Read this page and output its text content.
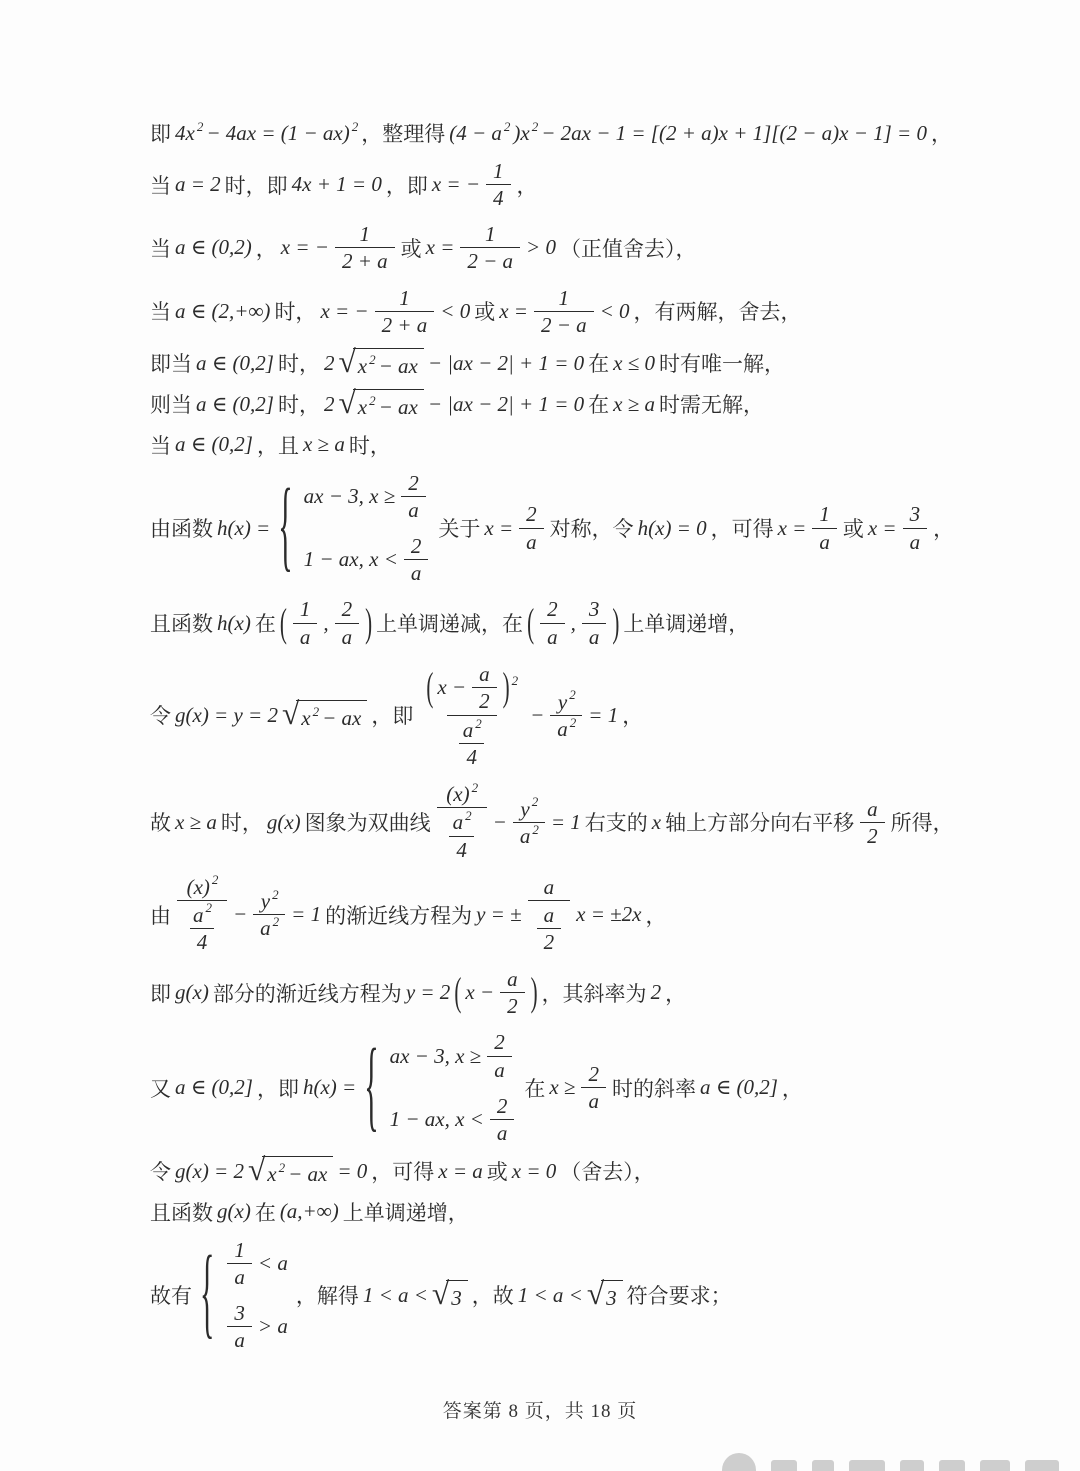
即 4x 2 − 4ax = (1 − ax) 2 ，整理得 (4 − a 2 )x 2 − 2ax − 1 = [(2 + a)x + 1][(2 − a)x − 1] = 0 ，
当 a = 2 时，即 4x + 1 = 0 ，即 x = − $\frac{1}{4}$ ，
当 a ∈ (0,2) ， x = − $\frac{1}{2 + a}$ 或 $x = \frac{1}{2 - a} > 0$ （正值舍去），
当 a ∈ (2,+∞) 时， x = − $\frac{1}{2 + a} < 0$ 或 $x = \frac{1}{2 - a} < 0$ ，有两解，舍去，
即当 a ∈ (0,2] 时， 2 √ x 2 − ax − |ax − 2| + 1 = 0 在 x ≤ 0 时有唯一解，
则当 a ∈ (0,2] 时， 2 √ x 2 − ax − |ax − 2| + 1 = 0 在 x ≥ a 时需无解，
当 a ∈ (0,2] ，且 x ≥ a 时，
由函数 h(x) = { ax − 3, $x \ge \frac{2}{a}$
1 − ax, $x < \frac{2}{a}$
关于 $x = \frac{2}{a}$ 对称，令 h(x) = 0 ，可得 $x = \frac{1}{a}$ 或 $x = \frac{3}{a}$ ，
且函数 h(x) 在 ( $\frac{1}{a}$ , $\frac{2}{a}$ ) 上单调递减，在 ( $\frac{2}{a}$ , $\frac{3}{a}$ ) 上单调递增，
令 g(x) = y = 2 √ x 2 − ax ，即 $\frac{( x - \frac{a}{2} ) 2}{\frac{a 2}{4}} - \frac{y 2}{a 2} = 1$ ，
故 x ≥ a 时， g(x) 图象为双曲线 $\frac{(x) 2}{\frac{a 2}{4}} - \frac{y 2}{a 2} = 1$ 右支的 x 轴上方部分向右平移 $\frac{a}{2}$ 所得，
由 $\frac{(x) 2}{\frac{a 2}{4}} - \frac{y 2}{a 2} = 1$ 的渐近线方程为 y = ± $\frac{a}{\frac{a}{2}}$ x = ±2x ，
即 g(x) 部分的渐近线方程为 y = 2 ( $x - \frac{a}{2}$ ) ，其斜率为 2 ，
又 a ∈ (0,2] ，即 h(x) = { ax − 3, $x \ge \frac{2}{a}$
1 − ax, $x < \frac{2}{a}$
在 $x \ge \frac{2}{a}$ 时的斜率 a ∈ (0,2] ，
令 g(x) = 2 √ x 2 − ax = 0 ，可得 x = a 或 x = 0 （舍去），
且函数 g(x) 在 (a,+∞) 上单调递增，
故有 { $\frac{1}{a} < a$
$\frac{3}{a} > a$
，解得 1 < a < √ 3 ，故 1 < a < √ 3 符合要求；
答案第 8 页，共 18 页
